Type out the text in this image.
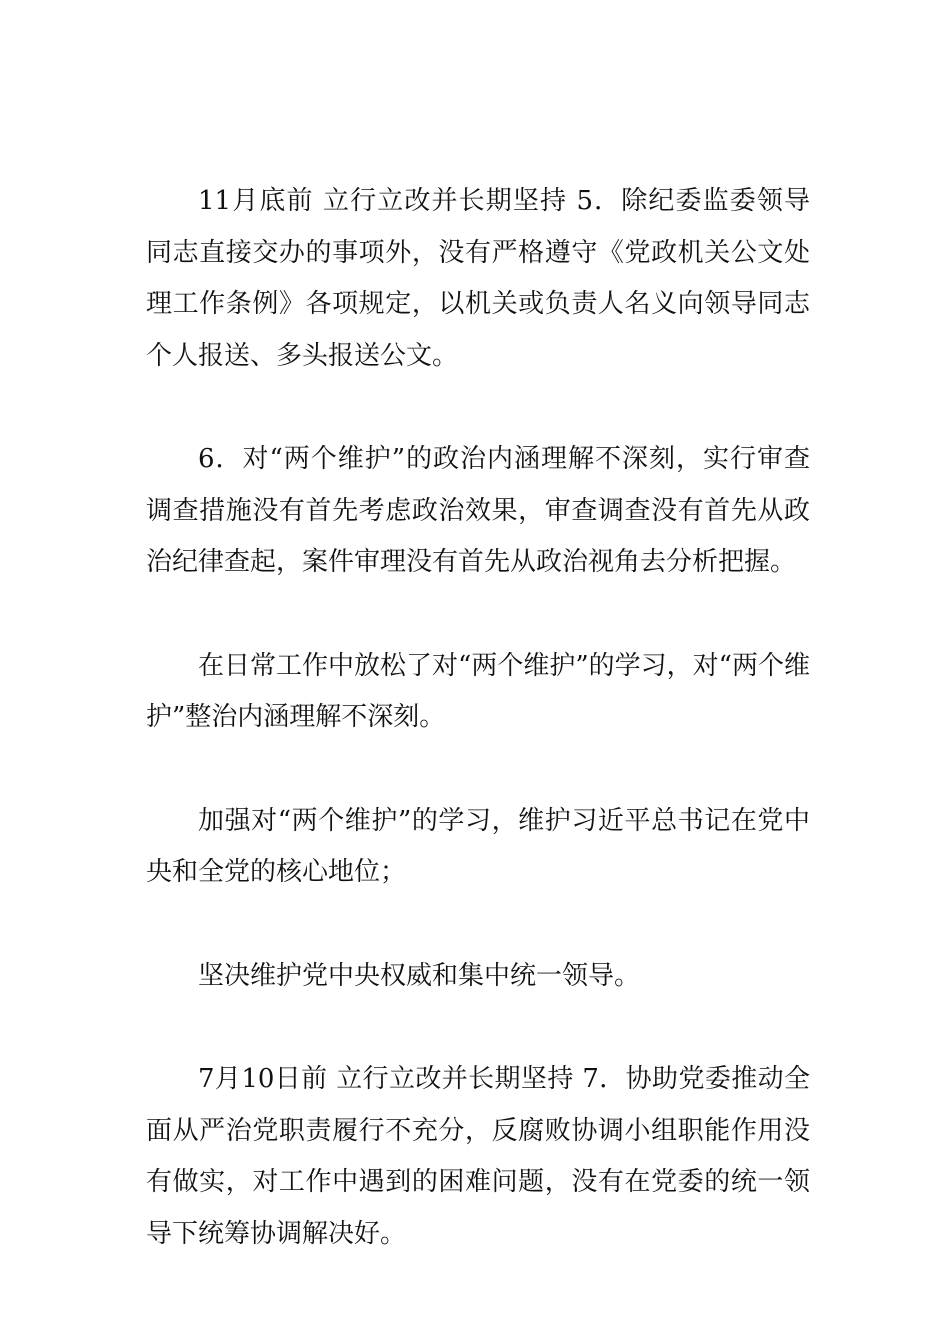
11月底前 立行立改并长期坚持 5．除纪委监委领导同志直接交办的事项外，没有严格遵守《党政机关公文处理工作条例》各项规定，以机关或负责人名义向领导同志个人报送、多头报送公文。

6．对“两个维护”的政治内涵理解不深刻，实行审查调查措施没有首先考虑政治效果，审查调查没有首先从政治纪律查起，案件审理没有首先从政治视角去分析把握。

在日常工作中放松了对“两个维护”的学习，对“两个维护”整治内涵理解不深刻。

加强对“两个维护”的学习，维护习近平总书记在党中央和全党的核心地位；

坚决维护党中央权威和集中统一领导。

7月10日前 立行立改并长期坚持 7．协助党委推动全面从严治党职责履行不充分，反腐败协调小组职能作用没有做实，对工作中遇到的困难问题，没有在党委的统一领导下统筹协调解决好。
